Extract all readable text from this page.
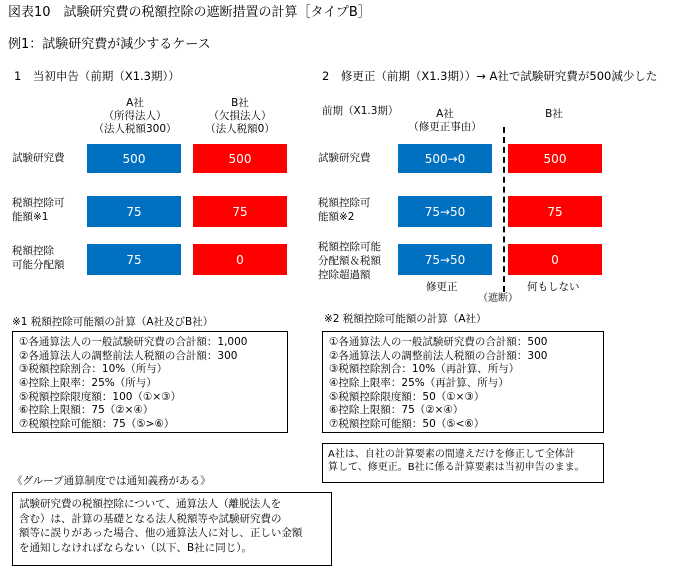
図表10　試験研究費の税額控除の遮断措置の計算［タイプB］
例1：試験研究費が減少するケース
1　当初申告（前期（X1.3期））
A社
（所得法人）
（法人税額300）
B社
（欠損法人）
（法人税額0）
試験研究費	500	500
税額控除可
能額※1	75	75
税額控除
可能分配額	75	0
2　修更正（前期（X1.3期））→ A社で試験研究費が500減少した
前期（X1.3期）	A社
（修更正事由）
B社
試験研究費	500→0	500
税額控除可
能額※2	75→50	75
税額控除可能
分配額＆税額
控除超過額
75→50	0
修更正	何もしない
（遮断）
※1 税額控除可能額の計算（A社及びB社）
①各通算法人の一般試験研究費の合計額：1,000
②各通算法人の調整前法人税額の合計額：300
③税額控除割合：10%（所与）
④控除上限率：25%（所与）
⑤税額控除限度額：100（①×③）
⑥控除上限額：75（②×④）
⑦税額控除可能額：75（⑤>⑥）
※2 税額控除可能額の計算（A社）
①各通算法人の一般試験研究費の合計額：500
②各通算法人の調整前法人税額の合計額：300
③税額控除割合：10%（再計算、所与）
④控除上限率：25%（再計算、所与）
⑤税額控除限度額：50（①×③）
⑥控除上限額：75（②×④）
⑦税額控除可能額：50（⑤<⑥）
A社は、自社の計算要素の間違えだけを修正して全体計
算して、修更正。B社に係る計算要素は当初申告のまま。
《グループ通算制度では通知義務がある》
試験研究費の税額控除について、通算法人（離脱法人を
含む）は、計算の基礎となる法人税額等や試験研究費の
額等に誤りがあった場合、他の通算法人に対し、正しい金額
を通知しなければならない（以下、B社に同じ）。
